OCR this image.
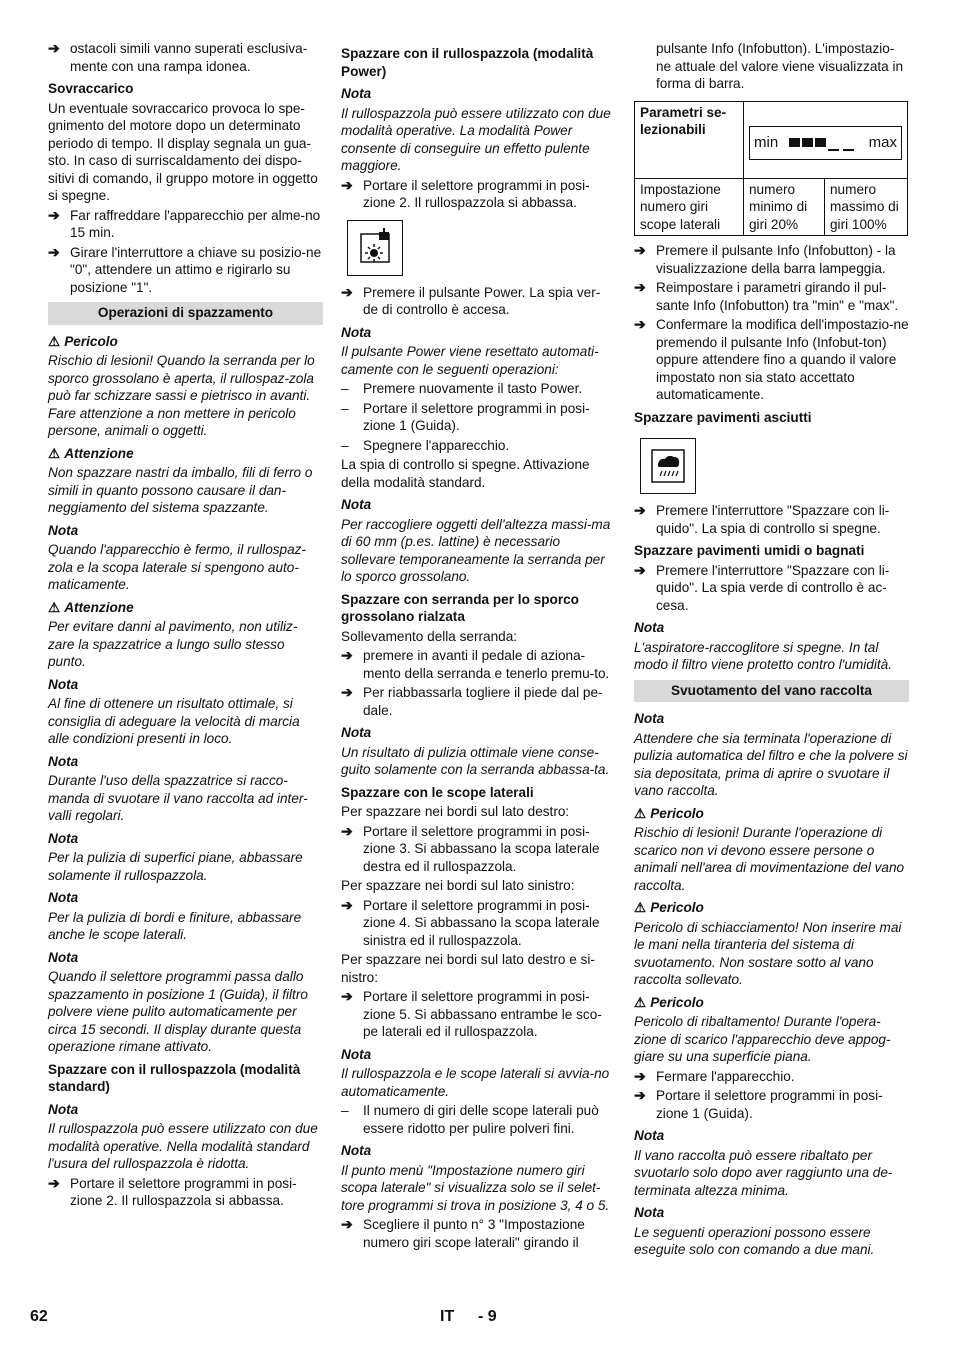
➔ ostacoli simili vanno superati esclusiva-mente con una rampa idonea.

Sovraccarico

Un eventuale sovraccarico provoca lo spe-gnimento del motore dopo un determinato periodo di tempo. Il display segnala un gua-sto. In caso di surriscaldamento dei dispo-sitivi di comando, il gruppo motore in oggetto si spegne.

➔ Far raffreddare l'apparecchio per alme-no 15 min.
➔ Girare l'interruttore a chiave su posizio-ne "0", attendere un attimo e rigirarlo su posizione "1".
Operazioni di spazzamento

⚠ Pericolo

Rischio di lesioni! Quando la serranda per lo sporco grossolano è aperta, il rullospaz-zola può far schizzare sassi e pietrisco in avanti. Fare attenzione a non mettere in pericolo persone, animali o oggetti.

⚠ Attenzione

Non spazzare nastri da imballo, fili di ferro o simili in quanto possono causare il dan-neggiamento del sistema spazzante.

Nota

Quando l'apparecchio è fermo, il rullospaz-zola e la scopa laterale si spengono auto-maticamente.

⚠ Attenzione

Per evitare danni al pavimento, non utiliz-zare la spazzatrice a lungo sullo stesso punto.

Nota

Al fine di ottenere un risultato ottimale, si consiglia di adeguare la velocità di marcia alle condizioni presenti in loco.

Nota

Durante l'uso della spazzatrice si racco-manda di svuotare il vano raccolta ad inter-valli regolari.

Nota

Per la pulizia di superfici piane, abbassare solamente il rullospazzola.

Nota

Per la pulizia di bordi e finiture, abbassare anche le scope laterali.

Nota

Quando il selettore programmi passa dallo spazzamento in posizione 1 (Guida), il filtro polvere viene pulito automaticamente per circa 15 secondi. Il display durante questa operazione rimane attivato.

Spazzare con il rullospazzola (modalità standard)

Nota

Il rullospazzola può essere utilizzato con due modalità operative. Nella modalità standard l'usura del rullospazzola è ridotta.

➔ Portare il selettore programmi in posi-zione 2. Il rullospazzola si abbassa.

Spazzare con il rullospazzola (modalità Power)

Nota

Il rullospazzola può essere utilizzato con due modalità operative. La modalità Power consente di conseguire un effetto pulente maggiore.

➔ Portare il selettore programmi in posi-zione 2. Il rullospazzola si abbassa.
➔ Premere il pulsante Power. La spia ver-de di controllo è accesa.

Nota

Il pulsante Power viene resettato automati-camente con le seguenti operazioni:

– Premere nuovamente il tasto Power.
– Portare il selettore programmi in posi-zione 1 (Guida).
– Spegnere l'apparecchio.

La spia di controllo si spegne. Attivazione della modalità standard.

Nota

Per raccogliere oggetti dell'altezza massi-ma di 60 mm (p.es. lattine) è necessario sollevare temporaneamente la serranda per lo sporco grossolano.

Spazzare con serranda per lo sporco grossolano rialzata

Sollevamento della serranda:

➔ premere in avanti il pedale di aziona-mento della serranda e tenerlo premu-to.
➔ Per riabbassarla togliere il piede dal pe-dale.

Nota

Un risultato di pulizia ottimale viene conse-guito solamente con la serranda abbassa-ta.

Spazzare con le scope laterali

Per spazzare nei bordi sul lato destro:

➔ Portare il selettore programmi in posi-zione 3. Si abbassano la scopa laterale destra ed il rullospazzola.

Per spazzare nei bordi sul lato sinistro:

➔ Portare il selettore programmi in posi-zione 4. Si abbassano la scopa laterale sinistra ed il rullospazzola.

Per spazzare nei bordi sul lato destro e si-nistro:

➔ Portare il selettore programmi in posi-zione 5. Si abbassano entrambe le sco-pe laterali ed il rullospazzola.

Nota

Il rullospazzola e le scope laterali si avvia-no automaticamente.

– Il numero di giri delle scope laterali può essere ridotto per pulire polveri fini.

Nota

Il punto menù "Impostazione numero giri scopa laterale" si visualizza solo se il selet-tore programmi si trova in posizione 3, 4 o 5.

➔ Scegliere il punto n° 3 "Impostazione numero giri scope laterali" girando il

pulsante Info (Infobutton). L'impostazio-ne attuale del valore viene visualizzata in forma di barra.

Parametri se-lezionabili	min max	

Impostazione numero giri scope laterali	numero minimo di giri 20%	numero massimo di giri 100%
➔ Premere il pulsante Info (Infobutton) - la visualizzazione della barra lampeggia.
➔ Reimpostare i parametri girando il pul-sante Info (Infobutton) tra "min" e "max".
➔ Confermare la modifica dell'impostazio-ne premendo il pulsante Info (Infobut-ton) oppure attendere fino a quando il valore impostato non sia stato accettato automaticamente.

Spazzare pavimenti asciutti

➔ Premere l'interruttore "Spazzare con li-quido". La spia di controllo si spegne.

Spazzare pavimenti umidi o bagnati

➔ Premere l'interruttore "Spazzare con li-quido". La spia verde di controllo è ac-cesa.

Nota

L'aspiratore-raccoglitore si spegne. In tal modo il filtro viene protetto contro l'umidità.

Svuotamento del vano raccolta

Nota

Attendere che sia terminata l'operazione di pulizia automatica del filtro e che la polvere si sia depositata, prima di aprire o svuotare il vano raccolta.

⚠ Pericolo

Rischio di lesioni! Durante l'operazione di scarico non vi devono essere persone o animali nell'area di movimentazione del vano raccolta.

⚠ Pericolo

Pericolo di schiacciamento! Non inserire mai le mani nella tiranteria del sistema di svuotamento. Non sostare sotto al vano raccolta sollevato.

⚠ Pericolo

Pericolo di ribaltamento! Durante l'opera-zione di scarico l'apparecchio deve appog-giare su una superficie piana.

➔ Fermare l'apparecchio.
➔ Portare il selettore programmi in posi-zione 1 (Guida).

Nota

Il vano raccolta può essere ribaltato per svuotarlo solo dopo aver raggiunto una de-terminata altezza minima.

Nota

Le seguenti operazioni possono essere eseguite solo con comando a due mani.

62	IT - 9
